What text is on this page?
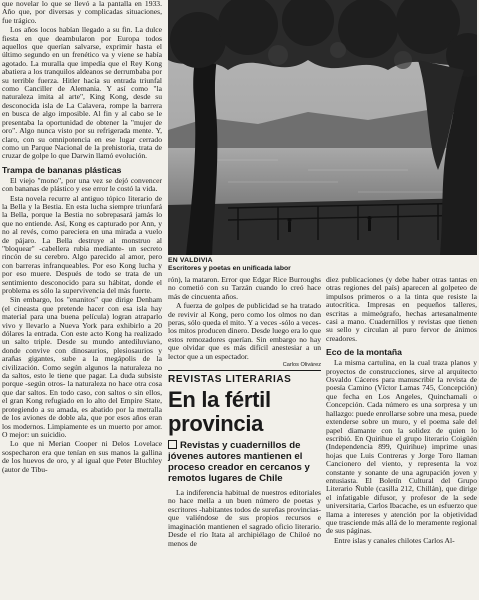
que novelar lo que se llevó a la pantalla en 1933. Año que, por diversas y complicadas situaciones, fue trágico.

Los años locos habían llegado a su fin. La dulce fiesta en que deambularon por Europa todos aquellos que querían salvarse, exprimir hasta el último segundo en un frenético va y viene se había agotado. La muralla que impedía que el Rey Kong abatiera a los tranquilos aldeanos se derrumbaba por su terrible fuerza. Hitler hacía su entrada triunfal como Canciller de Alemania. Y así como "la naturaleza imita al arte", King Kong, desde su desconocida isla de La Calavera, rompe la barrera en busca de algo imposible. Al fin y al cabo se le presentaba la oportunidad de obtener la "mujer de oro". Algo nunca visto por su refrigerada mente. Y, claro, con su omnipotencia en ese lugar cerrado como un Parque Nacional de la prehistoria, trata de cruzar de golpe lo que Darwin llamó evolución.

Trampa de bananas plásticas

El viejo "mono", por una vez se dejó convencer con bananas de plástico y ese error le costó la vida.

Esta novela recurre al antiguo tópico literario de la Bella y la Bestia. En esta lucha siempre triunfará la Bella, porque la Bestia no sobrepasará jamás lo que no entiende. Así, Kong es capturado por Ann, y no al revés, como pareciera en una mirada a vuelo de pájaro. La Bella destruye al monstruo al "bloquear" -cabellera rubia mediante- un secreto rincón de su cerebro. Algo parecido al amor, pero con barreras infranqueables. Por eso Kong lucha y por eso muere. Después de todo se trata de un sentimiento desconocido para su hábitat, donde el problema es sólo la supervivencia del más fuerte.

Sin embargo, los "enanitos" que dirige Denham (el cineasta que pretende hacer con esa isla hay material para una buena película) logran atraparlo vivo y llevarlo a Nueva York para exhibirlo a 20 dólares la entrada. Con este acto Kong ha realizado un salto triple. Desde su mundo antediluviano, donde convive con dinosaurios, plesiosaurios y arañas gigantes, sube a la megápolis de la civilización. Como según algunos la naturaleza no da saltos, esto le tiene que pagar. La duda subsiste porque -según otros- la naturaleza no hace otra cosa que dar saltos. En todo caso, con saltos o sin ellos, el gran Kong refugiado en lo alto del Empire State, protegiendo a su amada, es abatido por la metralla de los aviones de doble ala, que por esos años eran los modernos. Limpiamente es un muerto por amor. O mejor: un suicidio.

Lo que ni Merian Cooper ni Delos Lovelace sospecharon era que tenían en sus manos la gallina de los huevos de oro, y al igual que Peter Bluchley (autor de Tibu-

EN VALDIVIA
Escritores y poetas en unificada labor

rón), la mataron. Error que Edgar Rice Burroughs no cometió con su Tarzán cuando lo creó hace más de cincuenta años.

A fuerza de golpes de publicidad se ha tratado de revivir al Kong, pero como los olmos no dan peras, sólo queda el mito. Y a veces -sólo a veces- los mitos producen dinero. Desde luego era lo que estos remozadores querían. Sin embargo no hay que olvidar que es más difícil anestesiar a un lector que a un espectador.

Carlos Olivárez
REVISTAS LITERARIAS
En la fértil provincia
Revistas y cuadernillos de jóvenes autores mantienen el proceso creador en cercanos y remotos lugares de Chile

La indiferencia habitual de nuestros editoriales no hace mella a un buen número de poetas y escritores -habitantes todos de sureñas provincias- que valiéndose de sus propios recursos e imaginación mantienen el sagrado oficio literario. Desde el río Itata al archipiélago de Chiloé no menos de

diez publicaciones (y debe haber otras tantas en otras regiones del país) aparecen al golpeteo de impulsos primeros o a la tinta que resiste la autocrítica. Impresas en pequeños talleres, escritas a mimeógrafo, hechas artesanalmente casi a mano. Cuadernillos y revistas que tienen su sello y circulan al puro fervor de ánimos creadores.

Eco de la montaña

La misma cartulina, en la cual traza planos y proyectos de construcciones, sirve al arquitecto Osvaldo Cáceres para manuscribir la revista de poesía Camino (Víctor Lamas 745, Concepción) que fecha en Los Angeles, Quinchamali o Concepción. Cada número es una sorpresa y un hallazgo: puede enrollarse sobre una mesa, puede extenderse sobre un muro, y el poema sale del papel diamante con la solidez de quien lo escribió. En Quirihue el grupo literario Coigüén (Independencia 899, Quirihue) imprime unas hojas que Luis Contreras y Jorge Toro llaman Cancionero del viento, y representa la voz constante y sonante de una agrupación joven y entusiasta. El Boletín Cultural del Grupo Literario Ñuble (casilla 212, Chillán), que dirige el infatigable difusor, y profesor de la sede universitaria, Carlos Ibacache, es un esfuerzo que llama a intereses y atención por la objetividad que trasciende más allá de lo meramente regional de sus páginas.

Entre islas y canales chilotes Carlos Al-
